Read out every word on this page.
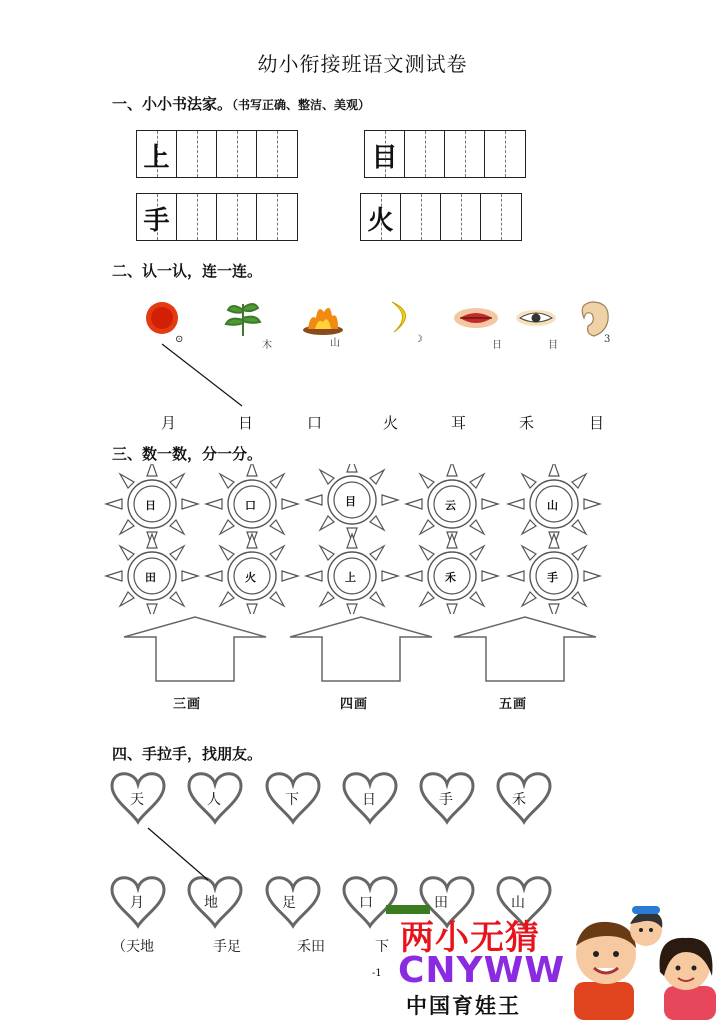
幼小衔接班语文测试卷
一、小小书法家。（书写正确、整洁、美观）
上	目
手	火
二、认一认，连一连。
⊙
木	山	☽
日	目
3
月	日	口	火	耳	禾	目
三、数一数，分一分。
日	口	目	云	山
田	火	上	禾	手
三画	四画	五画
四、手拉手，找朋友。
天	人	下	日	手	禾
月	地	足	口	田	山
（天地	手足	禾田	下
-1
两小无猜
CNYWW
中国育娃王
